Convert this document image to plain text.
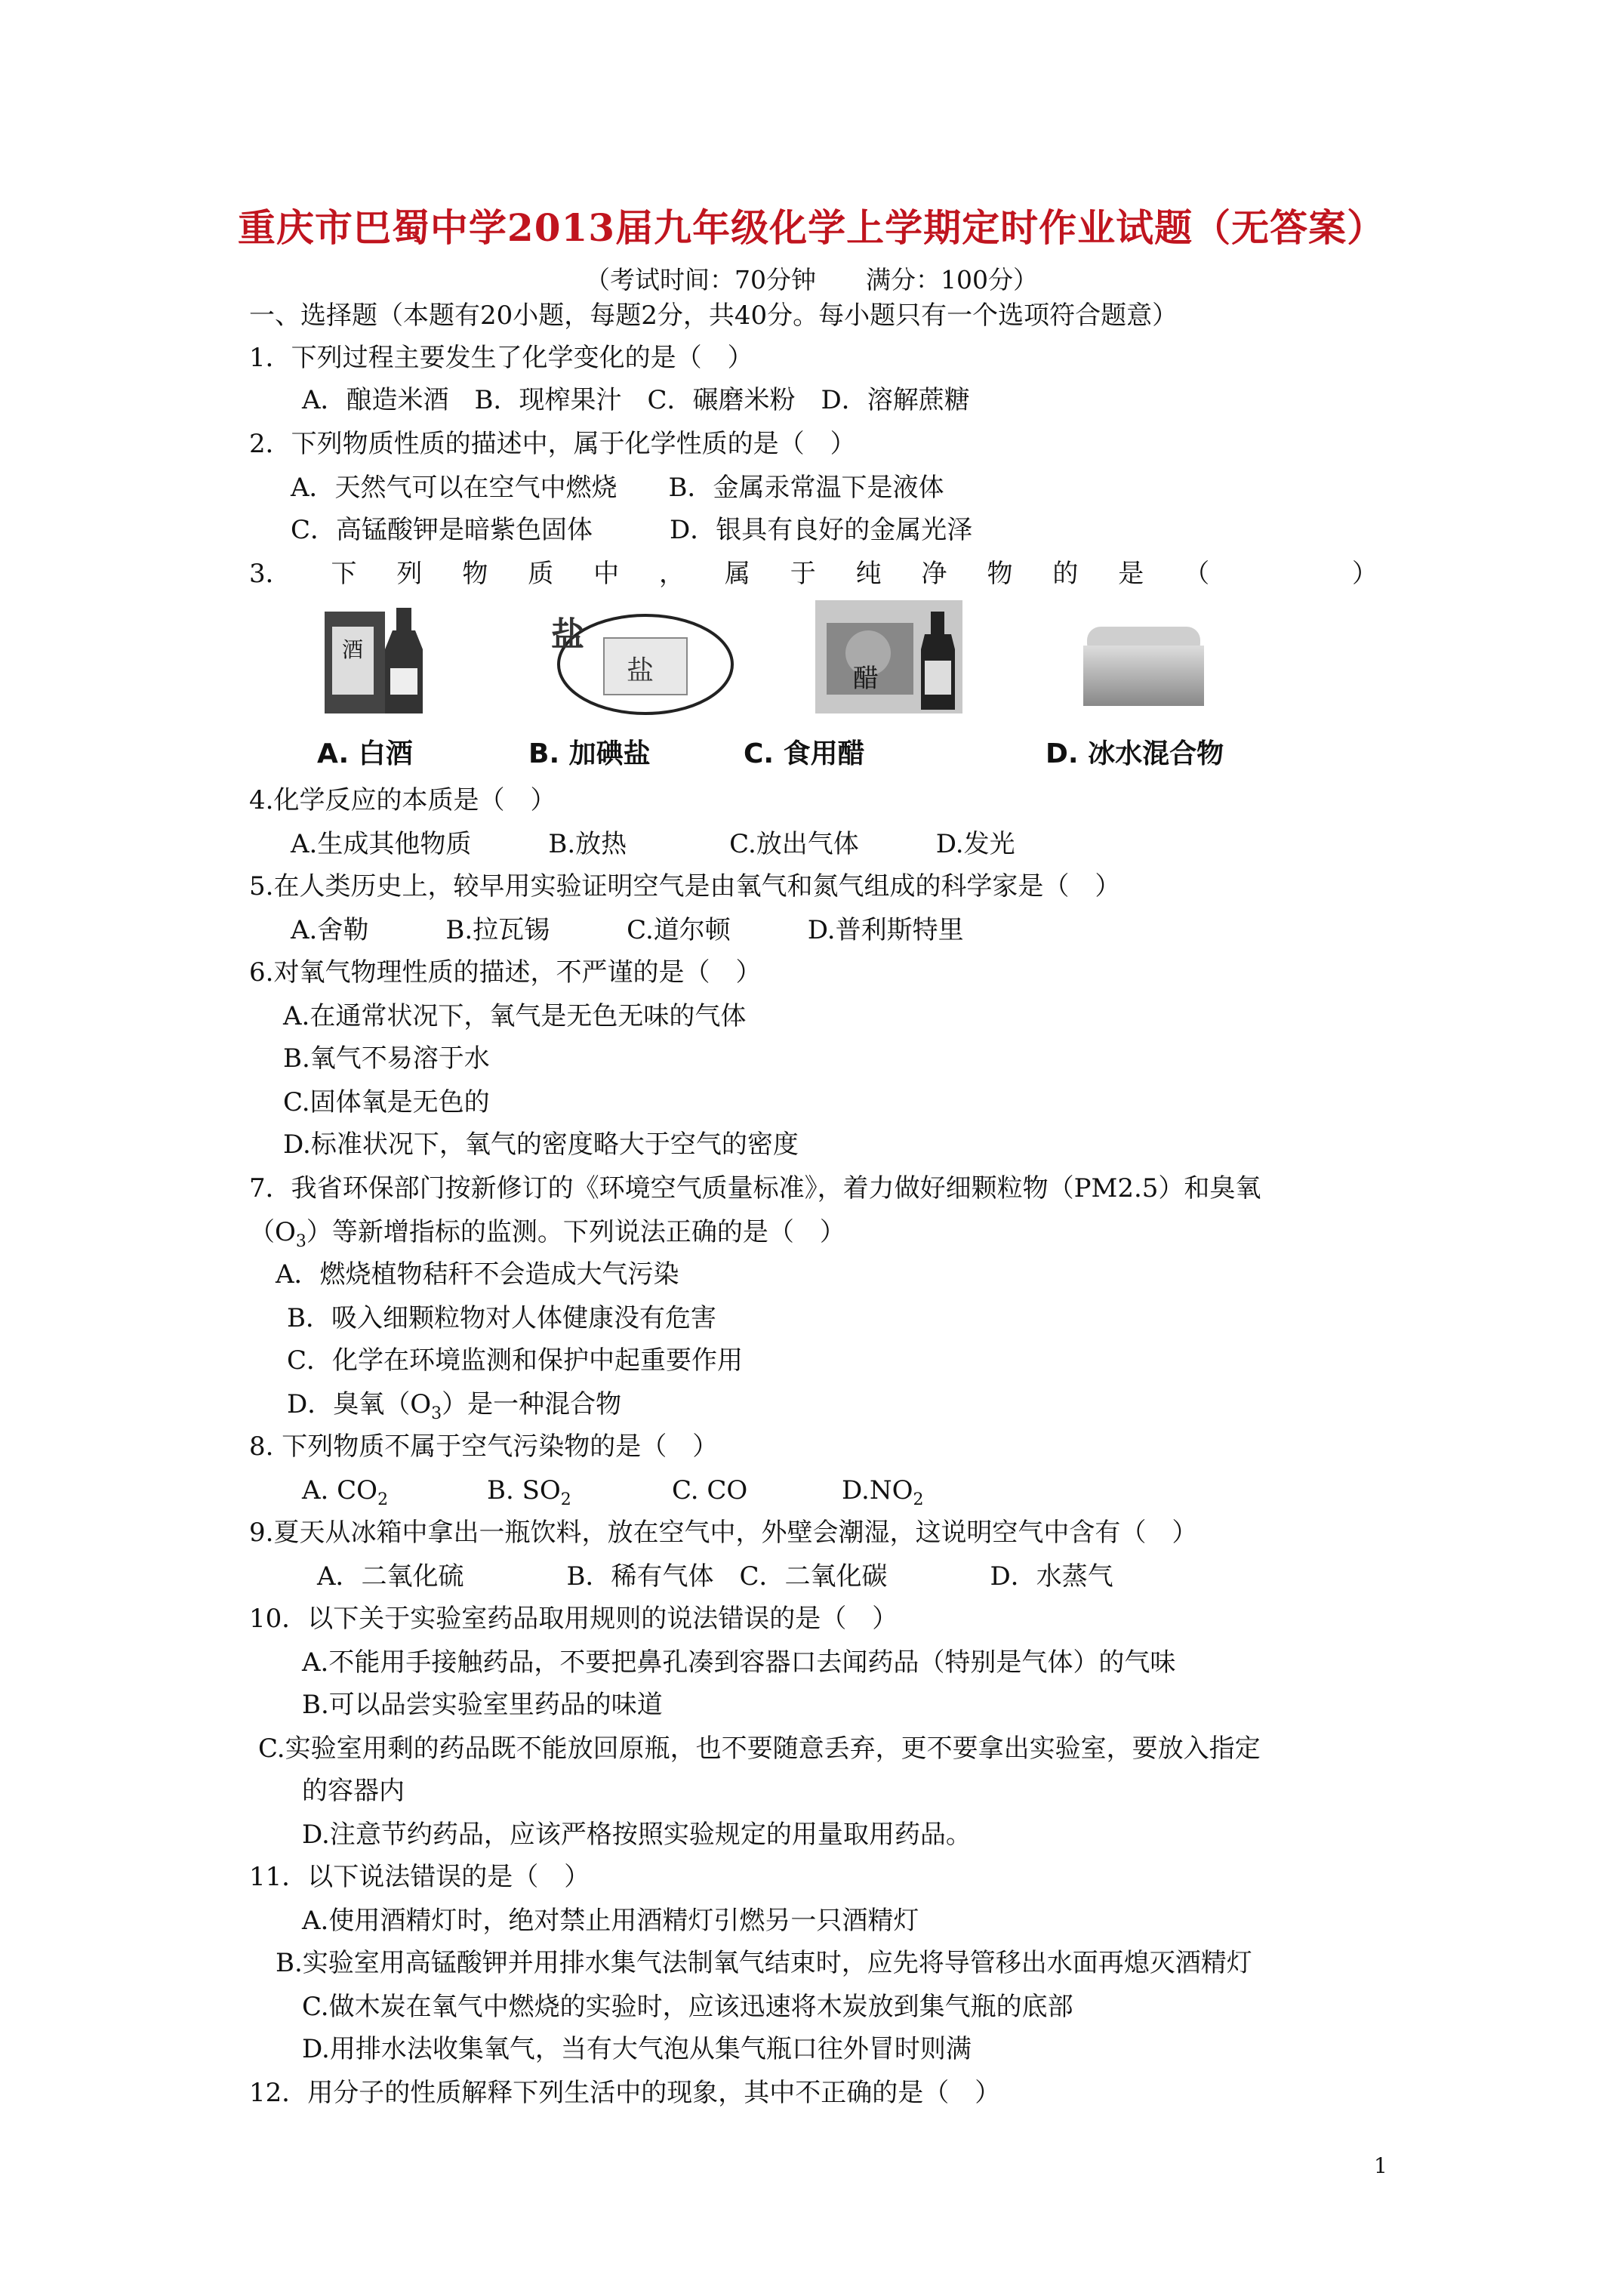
重庆市巴蜀中学2013届九年级化学上学期定时作业试题（无答案）
（考试时间：70分钟　　满分：100分）
一、选择题（本题有20小题，每题2分，共40分。每小题只有一个选项符合题意）
1．下列过程主要发生了化学变化的是（　）
A．酿造米酒　B．现榨果汁　C．碾磨米粉　D．溶解蔗糖
2．下列物质性质的描述中，属于化学性质的是（　）
A．天然气可以在空气中燃烧　　B．金属汞常温下是液体
C．高锰酸钾是暗紫色固体　　　D．银具有良好的金属光泽
3． 下 列 物 质 中 ， 属 于 纯 净 物 的 是 （	）
酒	盐
盐	醋
A. 白酒	B. 加碘盐	C. 食用醋	D. 冰水混合物
4.化学反应的本质是（　）
A.生成其他物质　　　B.放热　　　　C.放出气体　　　D.发光
5.在人类历史上，较早用实验证明空气是由氧气和氮气组成的科学家是（　）
A.舍勒　　　B.拉瓦锡　　　C.道尔顿　　　D.普利斯特里
6.对氧气物理性质的描述，不严谨的是（　）
A.在通常状况下，氧气是无色无味的气体
B.氧气不易溶于水
C.固体氧是无色的
D.标准状况下，氧气的密度略大于空气的密度
7．我省环保部门按新修订的《环境空气质量标准》，着力做好细颗粒物（PM2.5）和臭氧
$(O_3)$等新增指标的监测。下列说法正确的是（　）
A．燃烧植物秸秆不会造成大气污染
B．吸入细颗粒物对人体健康没有危害
C．化学在环境监测和保护中起重要作用
D．臭氧$(O_3)$是一种混合物
8. 下列物质不属于空气污染物的是（　）
A. $CO_2$	B. $SO_2$	C. CO	$D.NO_2$
9.夏天从冰箱中拿出一瓶饮料，放在空气中，外壁会潮湿，这说明空气中含有（　）
A．二氧化硫　　　　B．稀有气体　C．二氧化碳　　　　D．水蒸气
10．以下关于实验室药品取用规则的说法错误的是（　）
A.不能用手接触药品，不要把鼻孔凑到容器口去闻药品（特别是气体）的气味
B.可以品尝实验室里药品的味道
C.实验室用剩的药品既不能放回原瓶，也不要随意丢弃，更不要拿出实验室，要放入指定
的容器内
D.注意节约药品，应该严格按照实验规定的用量取用药品。
11．以下说法错误的是（　）
A.使用酒精灯时，绝对禁止用酒精灯引燃另一只酒精灯
B.实验室用高锰酸钾并用排水集气法制氧气结束时，应先将导管移出水面再熄灭酒精灯
C.做木炭在氧气中燃烧的实验时，应该迅速将木炭放到集气瓶的底部
D.用排水法收集氧气，当有大气泡从集气瓶口往外冒时则满
12．用分子的性质解释下列生活中的现象，其中不正确的是（　）
1
